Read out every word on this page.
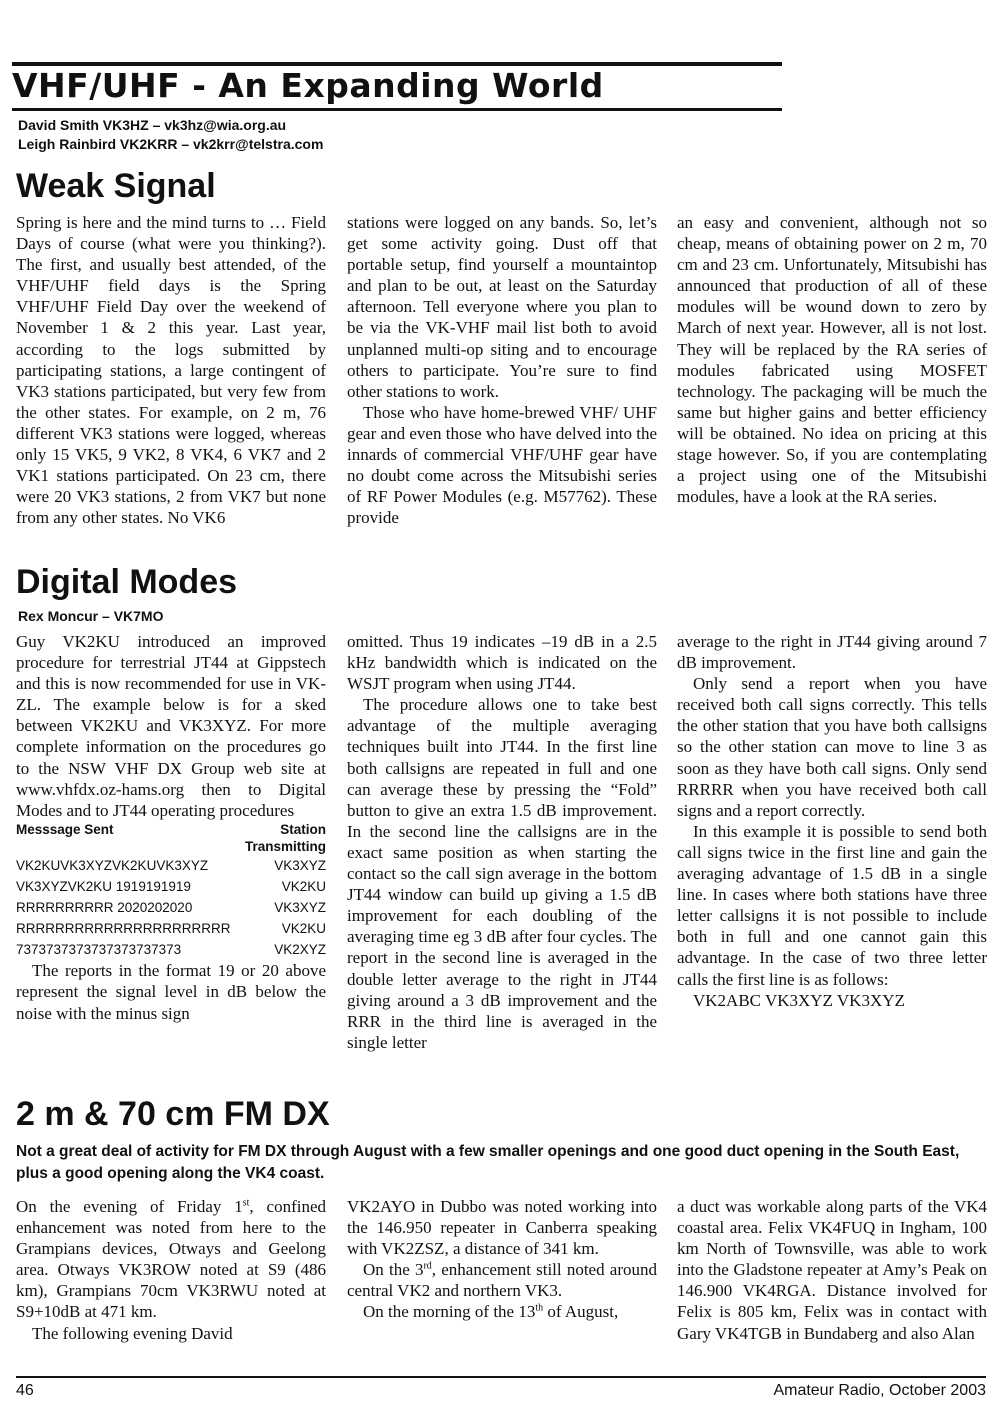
VHF/UHF - An Expanding World
David Smith VK3HZ – vk3hz@wia.org.au
Leigh Rainbird VK2KRR – vk2krr@telstra.com
Weak Signal

Spring is here and the mind turns to … Field Days of course (what were you thinking?). The first, and usually best attended, of the VHF/UHF field days is the Spring VHF/UHF Field Day over the weekend of November 1 & 2 this year. Last year, according to the logs submitted by participating stations, a large contingent of VK3 stations participated, but very few from the other states. For example, on 2 m, 76 different VK3 stations were logged, whereas only 15 VK5, 9 VK2, 8 VK4, 6 VK7 and 2 VK1 stations participated. On 23 cm, there were 20 VK3 stations, 2 from VK7 but none from any other states. No VK6

stations were logged on any bands. So, let’s get some activity going. Dust off that portable setup, find yourself a mountaintop and plan to be out, at least on the Saturday afternoon. Tell everyone where you plan to be via the VK-VHF mail list both to avoid unplanned multi-op siting and to encourage others to participate. You’re sure to find other stations to work.

Those who have home-brewed VHF/ UHF gear and even those who have delved into the innards of commercial VHF/UHF gear have no doubt come across the Mitsubishi series of RF Power Modules (e.g. M57762). These provide

an easy and convenient, although not so cheap, means of obtaining power on 2 m, 70 cm and 23 cm. Unfortunately, Mitsubishi has announced that production of all of these modules will be wound down to zero by March of next year. However, all is not lost. They will be replaced by the RA series of modules fabricated using MOSFET technology. The packaging will be much the same but higher gains and better efficiency will be obtained. No idea on pricing at this stage however. So, if you are contemplating a project using one of the Mitsubishi modules, have a look at the RA series.

Digital Modes
Rex Moncur – VK7MO

Guy VK2KU introduced an improved procedure for terrestrial JT44 at Gippstech and this is now recommended for use in VK-ZL. The example below is for a sked between VK2KU and VK3XYZ. For more complete information on the procedures go to the NSW VHF DX Group web site at www.vhfdx.oz-hams.org then to Digital Modes and to JT44 operating procedures

Messsage Sent	Station Transmitting
VK2KUVK3XYZVK2KUVK3XYZ	VK3XYZ
VK3XYZVK2KU 1919191919	VK2KU
RRRRRRRRRR 2020202020	VK3XYZ
RRRRRRRRRRRRRRRRRRRRRR	VK2KU
7373737373737373737373	VK2XYZ

The reports in the format 19 or 20 above represent the signal level in dB below the noise with the minus sign

omitted. Thus 19 indicates –19 dB in a 2.5 kHz bandwidth which is indicated on the WSJT program when using JT44.

The procedure allows one to take best advantage of the multiple averaging techniques built into JT44. In the first line both callsigns are repeated in full and one can average these by pressing the “Fold” button to give an extra 1.5 dB improvement. In the second line the callsigns are in the exact same position as when starting the contact so the call sign average in the bottom JT44 window can build up giving a 1.5 dB improvement for each doubling of the averaging time eg 3 dB after four cycles. The report in the second line is averaged in the double letter average to the right in JT44 giving around a 3 dB improvement and the RRR in the third line is averaged in the single letter

average to the right in JT44 giving around 7 dB improvement.

Only send a report when you have received both call signs correctly. This tells the other station that you have both callsigns so the other station can move to line 3 as soon as they have both call signs. Only send RRRRR when you have received both call signs and a report correctly.

In this example it is possible to send both call signs twice in the first line and gain the averaging advantage of 1.5 dB in a single line. In cases where both stations have three letter callsigns it is not possible to include both in full and one cannot gain this advantage. In the case of two three letter calls the first line is as follows:

VK2ABC VK3XYZ VK3XYZ

2 m & 70 cm FM DX
Not a great deal of activity for FM DX through August with a few smaller openings and one good duct opening in the South East, plus a good opening along the VK4 coast.

On the evening of Friday 1st, confined enhancement was noted from here to the Grampians devices, Otways and Geelong area. Otways VK3ROW noted at S9 (486 km), Grampians 70cm VK3RWU noted at S9+10dB at 471 km.

The following evening David

VK2AYO in Dubbo was noted working into the 146.950 repeater in Canberra speaking with VK2ZSZ, a distance of 341 km.

On the 3rd, enhancement still noted around central VK2 and northern VK3.

On the morning of the 13th of August,

a duct was workable along parts of the VK4 coastal area. Felix VK4FUQ in Ingham, 100 km North of Townsville, was able to work into the Gladstone repeater at Amy’s Peak on 146.900 VK4RGA. Distance involved for Felix is 805 km, Felix was in contact with Gary VK4TGB in Bundaberg and also Alan

46	Amateur Radio, October 2003
